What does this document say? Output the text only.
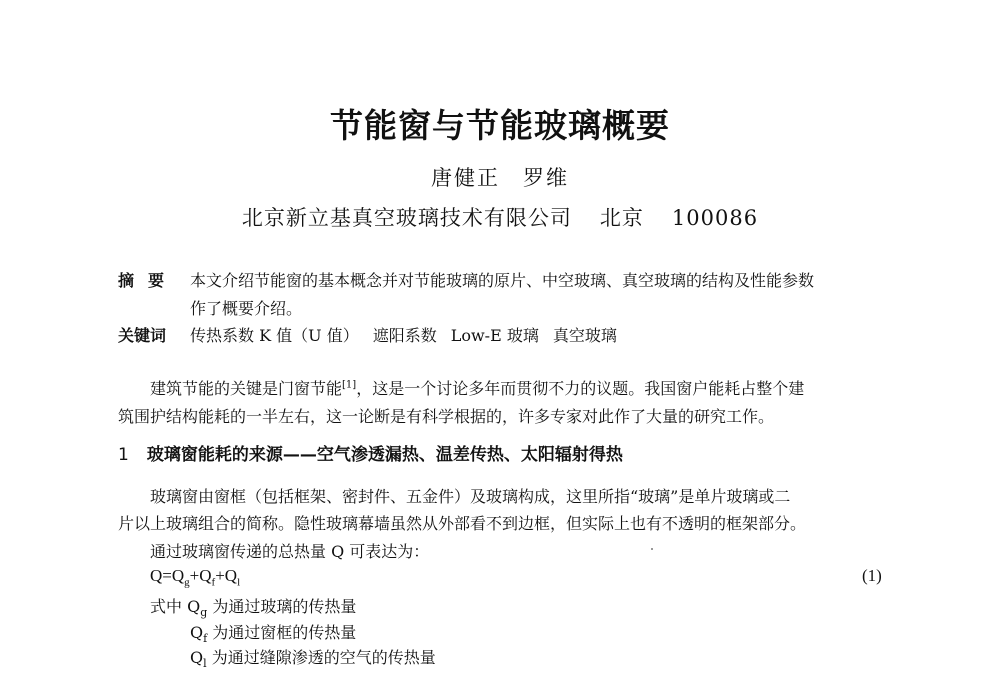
节能窗与节能玻璃概要
唐健正　罗维
北京新立基真空玻璃技术有限公司 北京 100086
摘要 本文介绍节能窗的基本概念并对节能玻璃的原片、中空玻璃、真空玻璃的结构及性能参数
作了概要介绍。
关键词 传热系数 K 值（U 值） 遮阳系数 Low-E 玻璃 真空玻璃
建筑节能的关键是门窗节能[1]，这是一个讨论多年而贯彻不力的议题。我国窗户能耗占整个建
筑围护结构能耗的一半左右，这一论断是有科学根据的，许多专家对此作了大量的研究工作。
1 玻璃窗能耗的来源——空气渗透漏热、温差传热、太阳辐射得热
玻璃窗由窗框（包括框架、密封件、五金件）及玻璃构成，这里所指“玻璃”是单片玻璃或二
片以上玻璃组合的简称。隐性玻璃幕墙虽然从外部看不到边框，但实际上也有不透明的框架部分。
通过玻璃窗传递的总热量 Q 可表达为：
$Q=Q_g+Q_f+Q_l$	(1)
式中 $Q_g$ 为通过玻璃的传热量
$Q_f$ 为通过窗框的传热量
$Q_l$ 为通过缝隙渗透的空气的传热量
